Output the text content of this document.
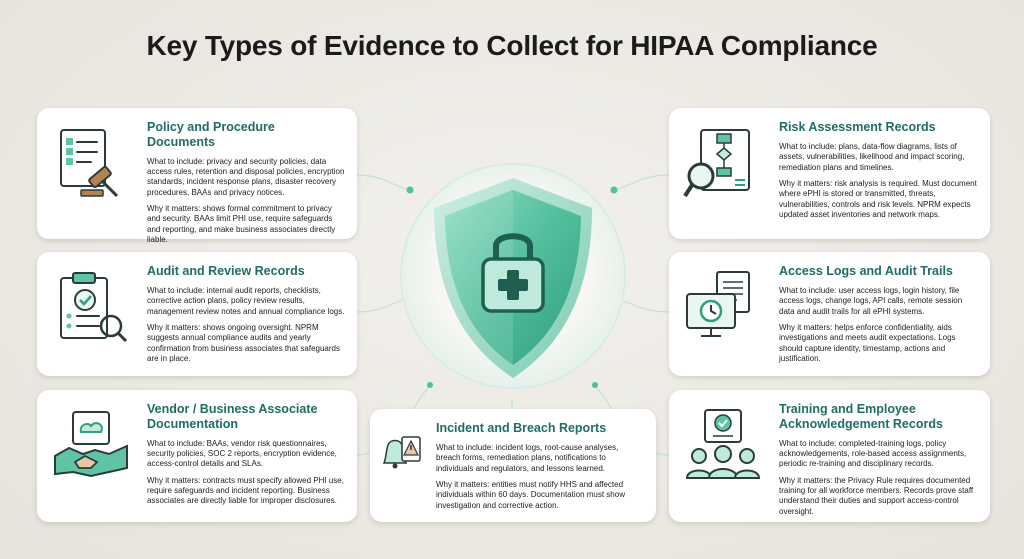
Key Types of Evidence to Collect for HIPAA Compliance
Policy and Procedure Documents

What to include: privacy and security policies, data access rules, retention and disposal policies, encryption standards, incident response plans, disaster recovery procedures, BAAs and privacy notices.

Why it matters: shows formal commitment to privacy and security. BAAs limit PHI use, require safeguards and reporting, and make business associates directly liable.

Audit and Review Records

What to include: internal audit reports, checklists, corrective action plans, policy review results, management review notes and annual compliance logs.

Why it matters: shows ongoing oversight. NPRM suggests annual compliance audits and yearly confirmation from business associates that safeguards are in place.

Vendor / Business Associate Documentation

What to include: BAAs, vendor risk questionnaires, security policies, SOC 2 reports, encryption evidence, access-control details and SLAs.

Why it matters: contracts must specify allowed PHI use, require safeguards and incident reporting. Business associates are directly liable for improper disclosures.

Risk Assessment Records

What to include: plans, data-flow diagrams, lists of assets, vulnerabilities, likelihood and impact scoring, remediation plans and timelines.

Why it matters: risk analysis is required. Must document where ePHI is stored or transmitted, threats, vulnerabilities, controls and risk levels. NPRM expects updated asset inventories and network maps.

Access Logs and Audit Trails

What to include: user access logs, login history, file access logs, change logs, API calls, remote session data and audit trails for all ePHI systems.

Why it matters: helps enforce confidentiality, aids investigations and meets audit expectations. Logs should capture identity, timestamp, actions and justification.

Training and Employee Acknowledgement Records

What to include: completed-training logs, policy acknowledgements, role-based access assignments, periodic re-training and disciplinary records.

Why it matters: the Privacy Rule requires documented training for all workforce members. Records prove staff understand their duties and support access-control oversight.

Incident and Breach Reports

What to include: incident logs, root-cause analyses, breach forms, remediation plans, notifications to individuals and regulators, and lessons learned.

Why it matters: entities must notify HHS and affected individuals within 60 days. Documentation must show investigation and corrective action.
